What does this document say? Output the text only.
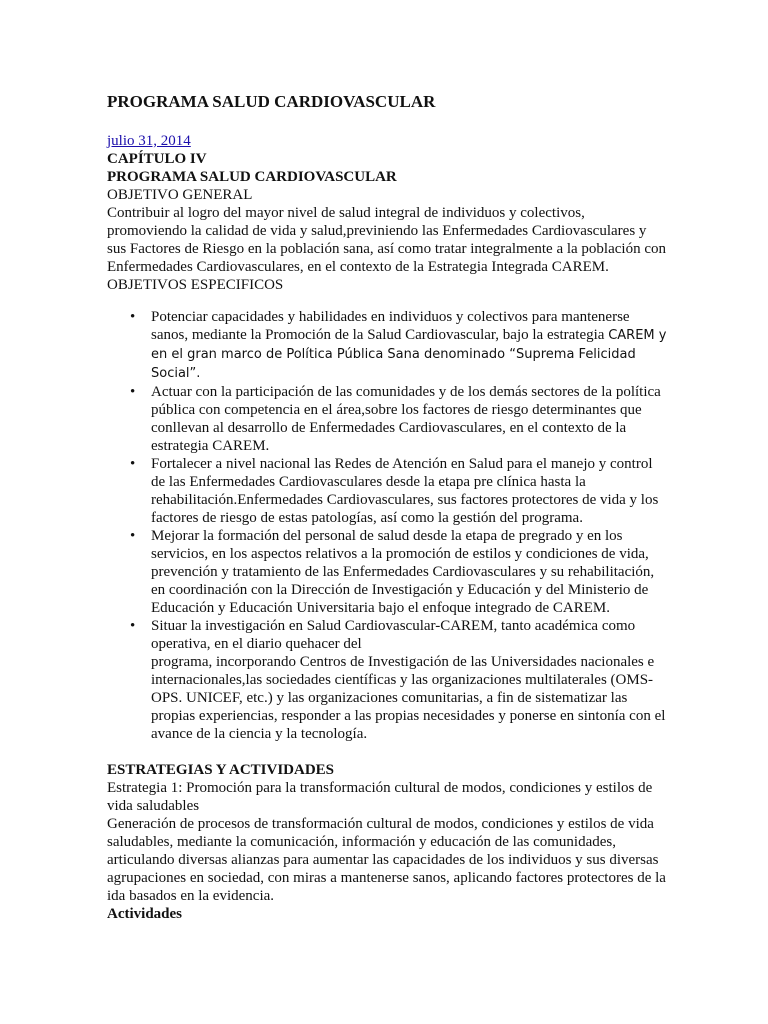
PROGRAMA SALUD CARDIOVASCULAR
julio 31, 2014

CAPÍTULO IV

PROGRAMA SALUD CARDIOVASCULAR

OBJETIVO GENERAL

Contribuir al logro del mayor nivel de salud integral de individuos y colectivos, promoviendo la calidad de vida y salud,previniendo las Enfermedades Cardiovasculares y sus Factores de Riesgo en la población sana, así como tratar integralmente a la población con Enfermedades Cardiovasculares, en el contexto de la Estrategia Integrada CAREM.

OBJETIVOS ESPECIFICOS

• Potenciar capacidades y habilidades en individuos y colectivos para mantenerse sanos, mediante la Promoción de la Salud Cardiovascular, bajo la estrategia CAREM y en el gran marco de Política Pública Sana denominado “Suprema Felicidad Social”.
• Actuar con la participación de las comunidades y de los demás sectores de la política pública con competencia en el área,sobre los factores de riesgo determinantes que conllevan al desarrollo de Enfermedades Cardiovasculares, en el contexto de la estrategia CAREM.
• Fortalecer a nivel nacional las Redes de Atención en Salud para el manejo y control de las Enfermedades Cardiovasculares desde la etapa pre clínica hasta la rehabilitación.Enfermedades Cardiovasculares, sus factores protectores de vida y los factores de riesgo de estas patologías, así como la gestión del programa.
• Mejorar la formación del personal de salud desde la etapa de pregrado y en los servicios, en los aspectos relativos a la promoción de estilos y condiciones de vida, prevención y tratamiento de las Enfermedades Cardiovasculares y su rehabilitación, en coordinación con la Dirección de Investigación y Educación y del Ministerio de Educación y Educación Universitaria bajo el enfoque integrado de CAREM.
• Situar la investigación en Salud Cardiovascular-CAREM, tanto académica como operativa, en el diario quehacer del
programa, incorporando Centros de Investigación de las Universidades nacionales e internacionales,las sociedades científicas y las organizaciones multilaterales (OMS-OPS. UNICEF, etc.) y las organizaciones comunitarias, a fin de sistematizar las propias experiencias, responder a las propias necesidades y ponerse en sintonía con el avance de la ciencia y la tecnología.

ESTRATEGIAS Y ACTIVIDADES

Estrategia 1: Promoción para la transformación cultural de modos, condiciones y estilos de vida saludables

Generación de procesos de transformación cultural de modos, condiciones y estilos de vida saludables, mediante la comunicación, información y educación de las comunidades, articulando diversas alianzas para aumentar las capacidades de los individuos y sus diversas agrupaciones en sociedad, con miras a mantenerse sanos, aplicando factores protectores de la ida basados en la evidencia.

Actividades
